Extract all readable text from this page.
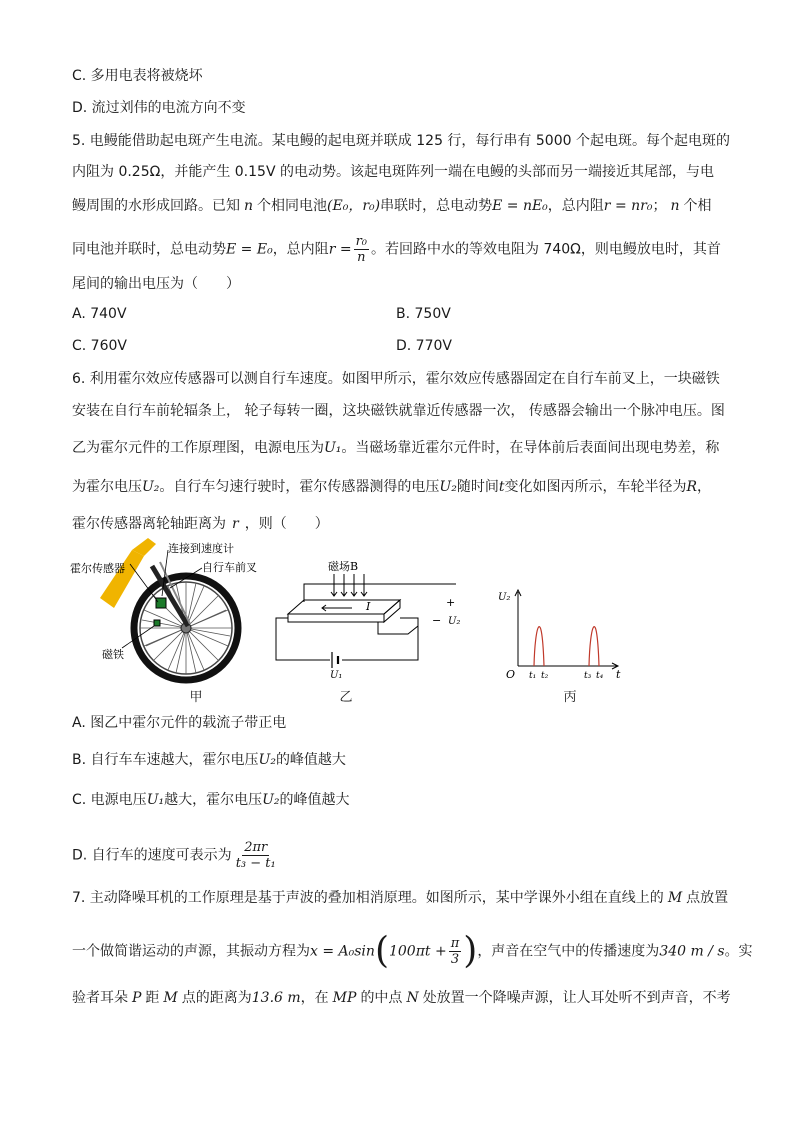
C. 多用电表将被烧坏
D. 流过刘伟的电流方向不变
5. 电鳗能借助起电斑产生电流。某电鳗的起电斑并联成 125 行，每行串有 5000 个起电斑。每个起电斑的
内阻为 0.25Ω，并能产生 0.15V 的电动势。该起电斑阵列一端在电鳗的头部而另一端接近其尾部，与电
鳗周围的水形成回路。已知 n 个相同电池(E₀，r₀)串联时，总电动势E = nE₀，总内阻r = nr₀； n 个相
同电池并联时，总电动势E = E₀，总内阻$r = \frac{\text{r₀}}{n}$ 。若回路中水的等效电阻为 740Ω，则电鳗放电时，其首
尾间的输出电压为（　　）
A. 740V	B. 750V
C. 760V	D. 770V
6. 利用霍尔效应传感器可以测自行车速度。如图甲所示，霍尔效应传感器固定在自行车前叉上，一块磁铁
安装在自行车前轮辐条上， 轮子每转一圈，这块磁铁就靠近传感器一次， 传感器会输出一个脉冲电压。图
乙为霍尔元件的工作原理图，电源电压为U₁。当磁场靠近霍尔元件时，在导体前后表面间出现电势差，称
为霍尔电压U₂。自行车匀速行驶时，霍尔传感器测得的电压U₂随时间t变化如图丙所示，车轮半径为R，
霍尔传感器离轮轴距离为 r ，则（　　）
连接到速度计
自行车前叉
霍尔传感器
磁铁
甲
磁场B
I
U₁
+
− U₂
乙
U₂
O	t
t₁ t₂	t₃ t₄
丙
A. 图乙中霍尔元件的载流子带正电
B. 自行车车速越大，霍尔电压U₂的峰值越大
C. 电源电压U₁越大，霍尔电压U₂的峰值越大
D. 自行车的速度可表示为 $\frac{2\pi r}{\text{t₃ − t₁}}$
7. 主动降噪耳机的工作原理是基于声波的叠加相消原理。如图所示，某中学课外小组在直线上的 M 点放置
一个做简谐运动的声源，其振动方程为$x = A_0\sin(100\pi t + \frac{\pi}{3}$ )，声音在空气中的传播速度为340 m / s。实
验者耳朵 P 距 M 点的距离为13.6 m，在 MP 的中点 N 处放置一个降噪声源，让人耳处听不到声音，不考
